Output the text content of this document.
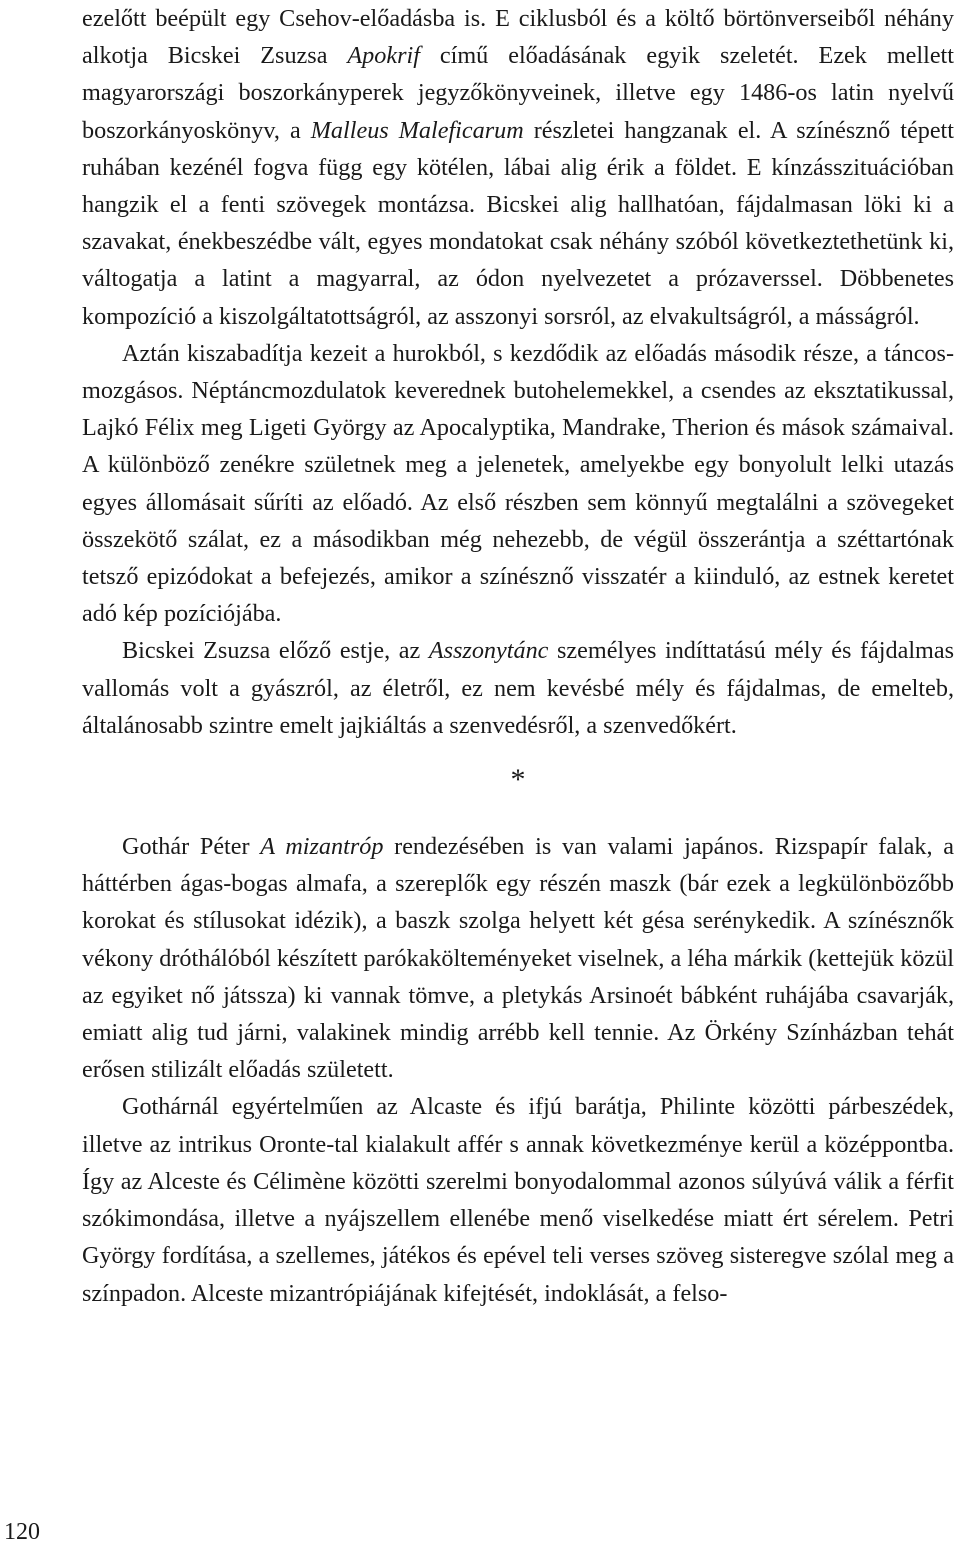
ezelőtt beépült egy Csehov-előadásba is. E ciklusból és a költő börtönverseiből néhány alkotja Bicskei Zsuzsa Apokrif című előadásának egyik szeletét. Ezek mellett magyarországi boszorkányperek jegyzőkönyveinek, illetve egy 1486-os latin nyelvű boszorkányoskönyv, a Malleus Maleficarum részletei hangzanak el. A színésznő tépett ruhában kezénél fogva függ egy kötélen, lábai alig érik a földet. E kínzásszituációban hangzik el a fenti szövegek montázsa. Bicskei alig hallhatóan, fájdalmasan löki ki a szavakat, énekbeszédbe vált, egyes mondatokat csak néhány szóból következtethetünk ki, váltogatja a latint a magyarral, az ódon nyelvezetet a prózaverssel. Döbbenetes kompozíció a kiszolgáltatottságról, az asszonyi sorsról, az elvakultságról, a másságról.

Aztán kiszabadítja kezeit a hurokból, s kezdődik az előadás második része, a táncos-mozgásos. Néptáncmozdulatok keverednek butohelemekkel, a csendes az eksztatikussal, Lajkó Félix meg Ligeti György az Apocalyptika, Mandrake, Therion és mások számaival. A különböző zenékre születnek meg a jelenetek, amelyekbe egy bonyolult lelki utazás egyes állomásait sűríti az előadó. Az első részben sem könnyű megtalálni a szövegeket összekötő szálat, ez a másodikban még nehezebb, de végül összerántja a széttartónak tetsző epizódokat a befejezés, amikor a színésznő visszatér a kiinduló, az estnek keretet adó kép pozíciójába.

Bicskei Zsuzsa előző estje, az Asszonytánc személyes indíttatású mély és fájdalmas vallomás volt a gyászról, az életről, ez nem kevésbé mély és fájdalmas, de emelteb, általánosabb szintre emelt jajkiáltás a szenvedésről, a szenvedőkért.

*

Gothár Péter A mizantróp rendezésében is van valami japános. Rizspapír falak, a háttérben ágas-bogas almafa, a szereplők egy részén maszk (bár ezek a legkülönbözőbb korokat és stílusokat idézik), a baszk szolga helyett két gésa serénykedik. A színésznők vékony dróthálóból készített parókakölteményeket viselnek, a léha márkik (kettejük közül az egyiket nő játssza) ki vannak tömve, a pletykás Arsinoét bábként ruhájába csavarják, emiatt alig tud járni, valakinek mindig arrébb kell tennie. Az Örkény Színházban tehát erősen stilizált előadás született.

Gothárnál egyértelműen az Alcaste és ifjú barátja, Philinte közötti párbeszédek, illetve az intrikus Oronte-tal kialakult affér s annak következménye kerül a középpontba. Így az Alceste és Célimène közötti szerelmi bonyodalommal azonos súlyúvá válik a férfit szókimondása, illetve a nyájszellem ellenébe menő viselkedése miatt ért sérelem. Petri György fordítása, a szellemes, játékos és epével teli verses szöveg sisteregve szólal meg a színpadon. Alceste mizantrópiájának kifejtését, indoklását, a felso-

120
